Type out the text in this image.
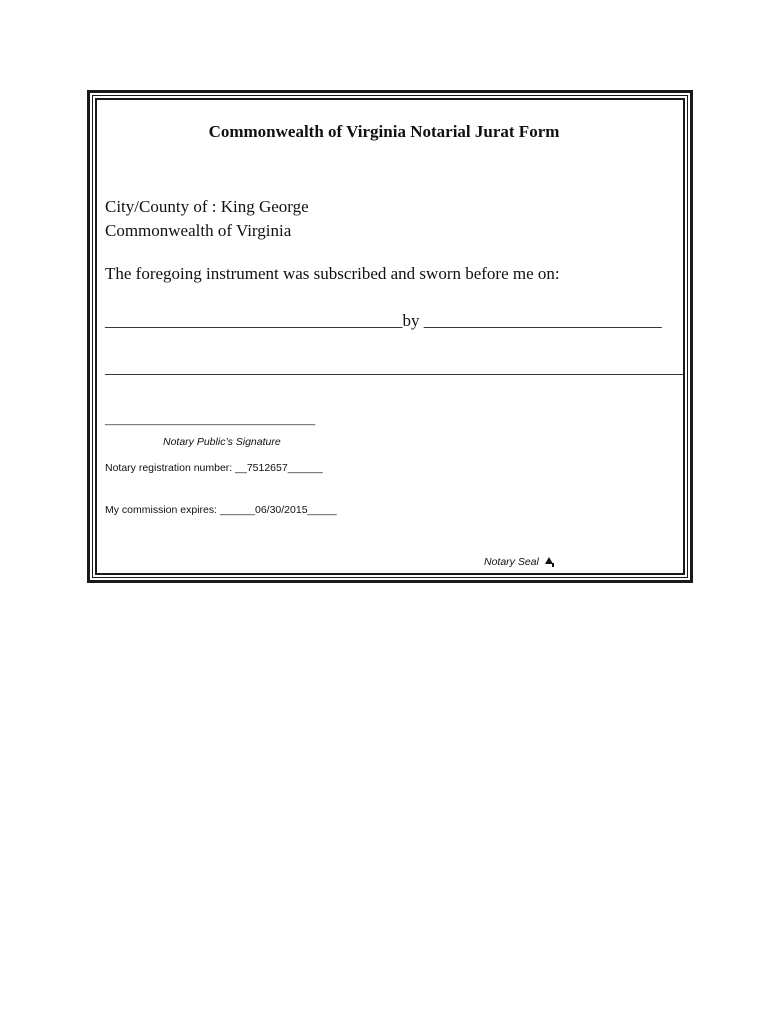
Commonwealth of Virginia Notarial Jurat Form
City/County of : King George
Commonwealth of Virginia
The foregoing instrument was subscribed and sworn before me on:
___________________________________by ____________________________
____________________________________________________________________
____________________________________
Notary Public’s Signature
Notary registration number: __7512657______
My commission expires: ______06/30/2015_____
Notary Seal
